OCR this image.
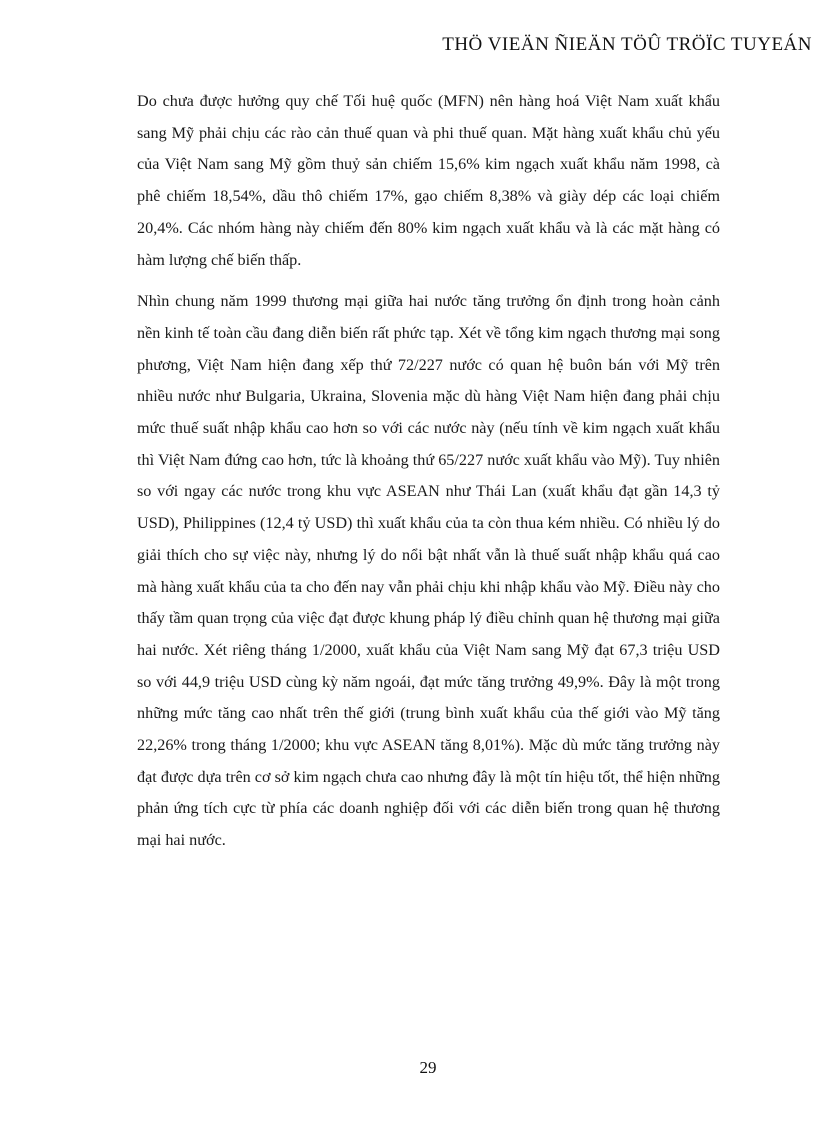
THÖ VIEÄN ÑIEÄN TÖÛ TRÖÏC TUYEÁN

Do chưa được hưởng quy chế Tối huệ quốc (MFN) nên hàng hoá Việt Nam xuất khẩu sang Mỹ phải chịu các rào cản thuế quan và phi thuế quan. Mặt hàng xuất khẩu chủ yếu của Việt Nam sang Mỹ gồm thuỷ sản chiếm 15,6% kim ngạch xuất khẩu năm 1998, cà phê chiếm 18,54%, dầu thô chiếm 17%, gạo chiếm 8,38% và giày dép các loại chiếm 20,4%. Các nhóm hàng này chiếm đến 80% kim ngạch xuất khẩu và là các mặt hàng có hàm lượng chế biến thấp.

Nhìn chung năm 1999 thương mại giữa hai nước tăng trưởng ổn định trong hoàn cảnh nền kinh tế toàn cầu đang diễn biến rất phức tạp. Xét về tổng kim ngạch thương mại song phương, Việt Nam hiện đang xếp thứ 72/227 nước có quan hệ buôn bán với Mỹ trên nhiều nước như Bulgaria, Ukraina, Slovenia mặc dù hàng Việt Nam hiện đang phải chịu mức thuế suất nhập khẩu cao hơn so với các nước này (nếu tính về kim ngạch xuất khẩu thì Việt Nam đứng cao hơn, tức là khoảng thứ 65/227 nước xuất khẩu vào Mỹ). Tuy nhiên so với ngay các nước trong khu vực ASEAN như Thái Lan (xuất khẩu đạt gần 14,3 tỷ USD), Philippines (12,4 tỷ USD) thì xuất khẩu của ta còn thua kém nhiều. Có nhiều lý do giải thích cho sự việc này, nhưng lý do nổi bật nhất vẫn là thuế suất nhập khẩu quá cao mà hàng xuất khẩu của ta cho đến nay vẫn phải chịu khi nhập khẩu vào Mỹ. Điều này cho thấy tầm quan trọng của việc đạt được khung pháp lý điều chỉnh quan hệ thương mại giữa hai nước. Xét riêng tháng 1/2000, xuất khẩu của Việt Nam sang Mỹ đạt 67,3 triệu USD so với 44,9 triệu USD cùng kỳ năm ngoái, đạt mức tăng trưởng 49,9%. Đây là một trong những mức tăng cao nhất trên thế giới (trung bình xuất khẩu của thế giới vào Mỹ tăng 22,26% trong tháng 1/2000; khu vực ASEAN tăng 8,01%). Mặc dù mức tăng trưởng này đạt được dựa trên cơ sở kim ngạch chưa cao nhưng đây là một tín hiệu tốt, thể hiện những phản ứng tích cực từ phía các doanh nghiệp đối với các diễn biến trong quan hệ thương mại hai nước.

29
